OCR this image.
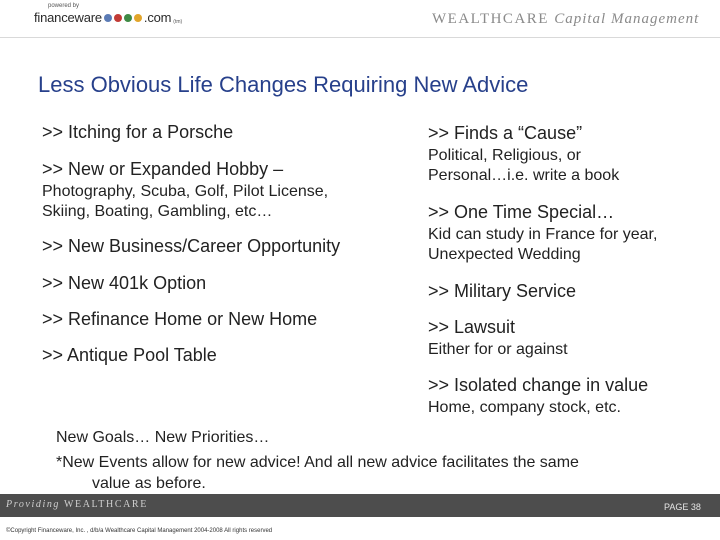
powered by
financeware	.com (tm)	WEALTHCARE Capital Management
Less Obvious Life Changes Requiring New Advice
>> Itching for a Porsche
>> New or Expanded Hobby –
Photography, Scuba, Golf, Pilot License,
Skiing, Boating, Gambling, etc…
>> New Business/Career Opportunity
>> New 401k Option
>> Refinance Home or New Home
>> Antique Pool Table
>> Finds a “Cause”
Political, Religious, or
Personal…i.e. write a book
>> One Time Special…
Kid can study in France for year,
Unexpected Wedding
>> Military Service
>> Lawsuit
Either for or against
>> Isolated change in value
Home, company stock, etc.
New Goals… New Priorities…
*New Events allow for new advice! And all new advice facilitates the same
value as before.
Providing WEALTHCARE	PAGE 38
©Copyright Financeware, Inc. , d/b/a Wealthcare Capital Management 2004-2008 All rights reserved
